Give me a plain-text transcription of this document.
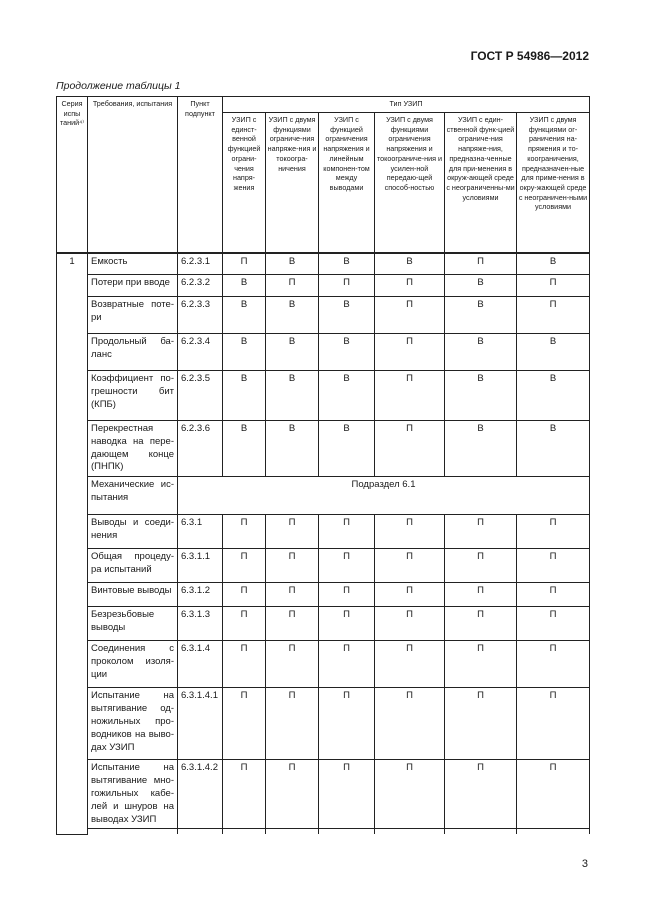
ГОСТ Р 54986—2012
Продолжение таблицы 1
Серия испы таний⁴⁾	Требования, испытания	Пункт подпункт	Тип УЗИП					
			УЗИП с единст-венной функцией ограни-чения напря-жения	УЗИП с двумя функциями ограниче-ния напряже-ния и токоогра-ничения	УЗИП с функцией ограничения напряжения и линейным компонен-том между выводами	УЗИП с двумя функциями ограничения напряжения и токоограниче-ния и усилен-ной передаю-щей способ-ностью	УЗИП с един-ственной функ-цией ограниче-ния напряже-ния, предназна-ченные для при-менения в окруж-ающей среде с неограниченны-ми условиями	УЗИП с двумя функциями ог-раничения на-пряжения и то-коограничения, предназначен-ные для приме-нения в окру-жающей среде с неограничен-ными условиями
1	Емкость	6.2.3.1	П	В	В	В	П	В
	Потери при вводе	6.2.3.2	В	П	П	П	В	П
	Возвратные поте-ри	6.2.3.3	В	В	В	П	В	П
	Продольный ба-ланс	6.2.3.4	В	В	В	П	В	В
	Коэффициент по-грешности бит (КПБ)	6.2.3.5	В	В	В	П	В	В
	Перекрестная наводка на пере-дающем конце (ПНПК)	6.2.3.6	В	В	В	П	В	В
	Механические ис-пытания	Подраздел 6.1						
	Выводы и соеди-нения	6.3.1	П	П	П	П	П	П
	Общая процеду-ра испытаний	6.3.1.1	П	П	П	П	П	П
	Винтовые выводы	6.3.1.2	П	П	П	П	П	П
	Безрезьбовые выводы	6.3.1.3	П	П	П	П	П	П
	Соединения с проколом изоля-ции	6.3.1.4	П	П	П	П	П	П
	Испытание на вытягивание од-ножильных про-водников на выво-дах УЗИП	6.3.1.4.1	П	П	П	П	П	П
	Испытание на вытягивание мно-гожильных кабе-лей и шнуров на выводах УЗИП	6.3.1.4.2	П	П	П	П	П	П

3
